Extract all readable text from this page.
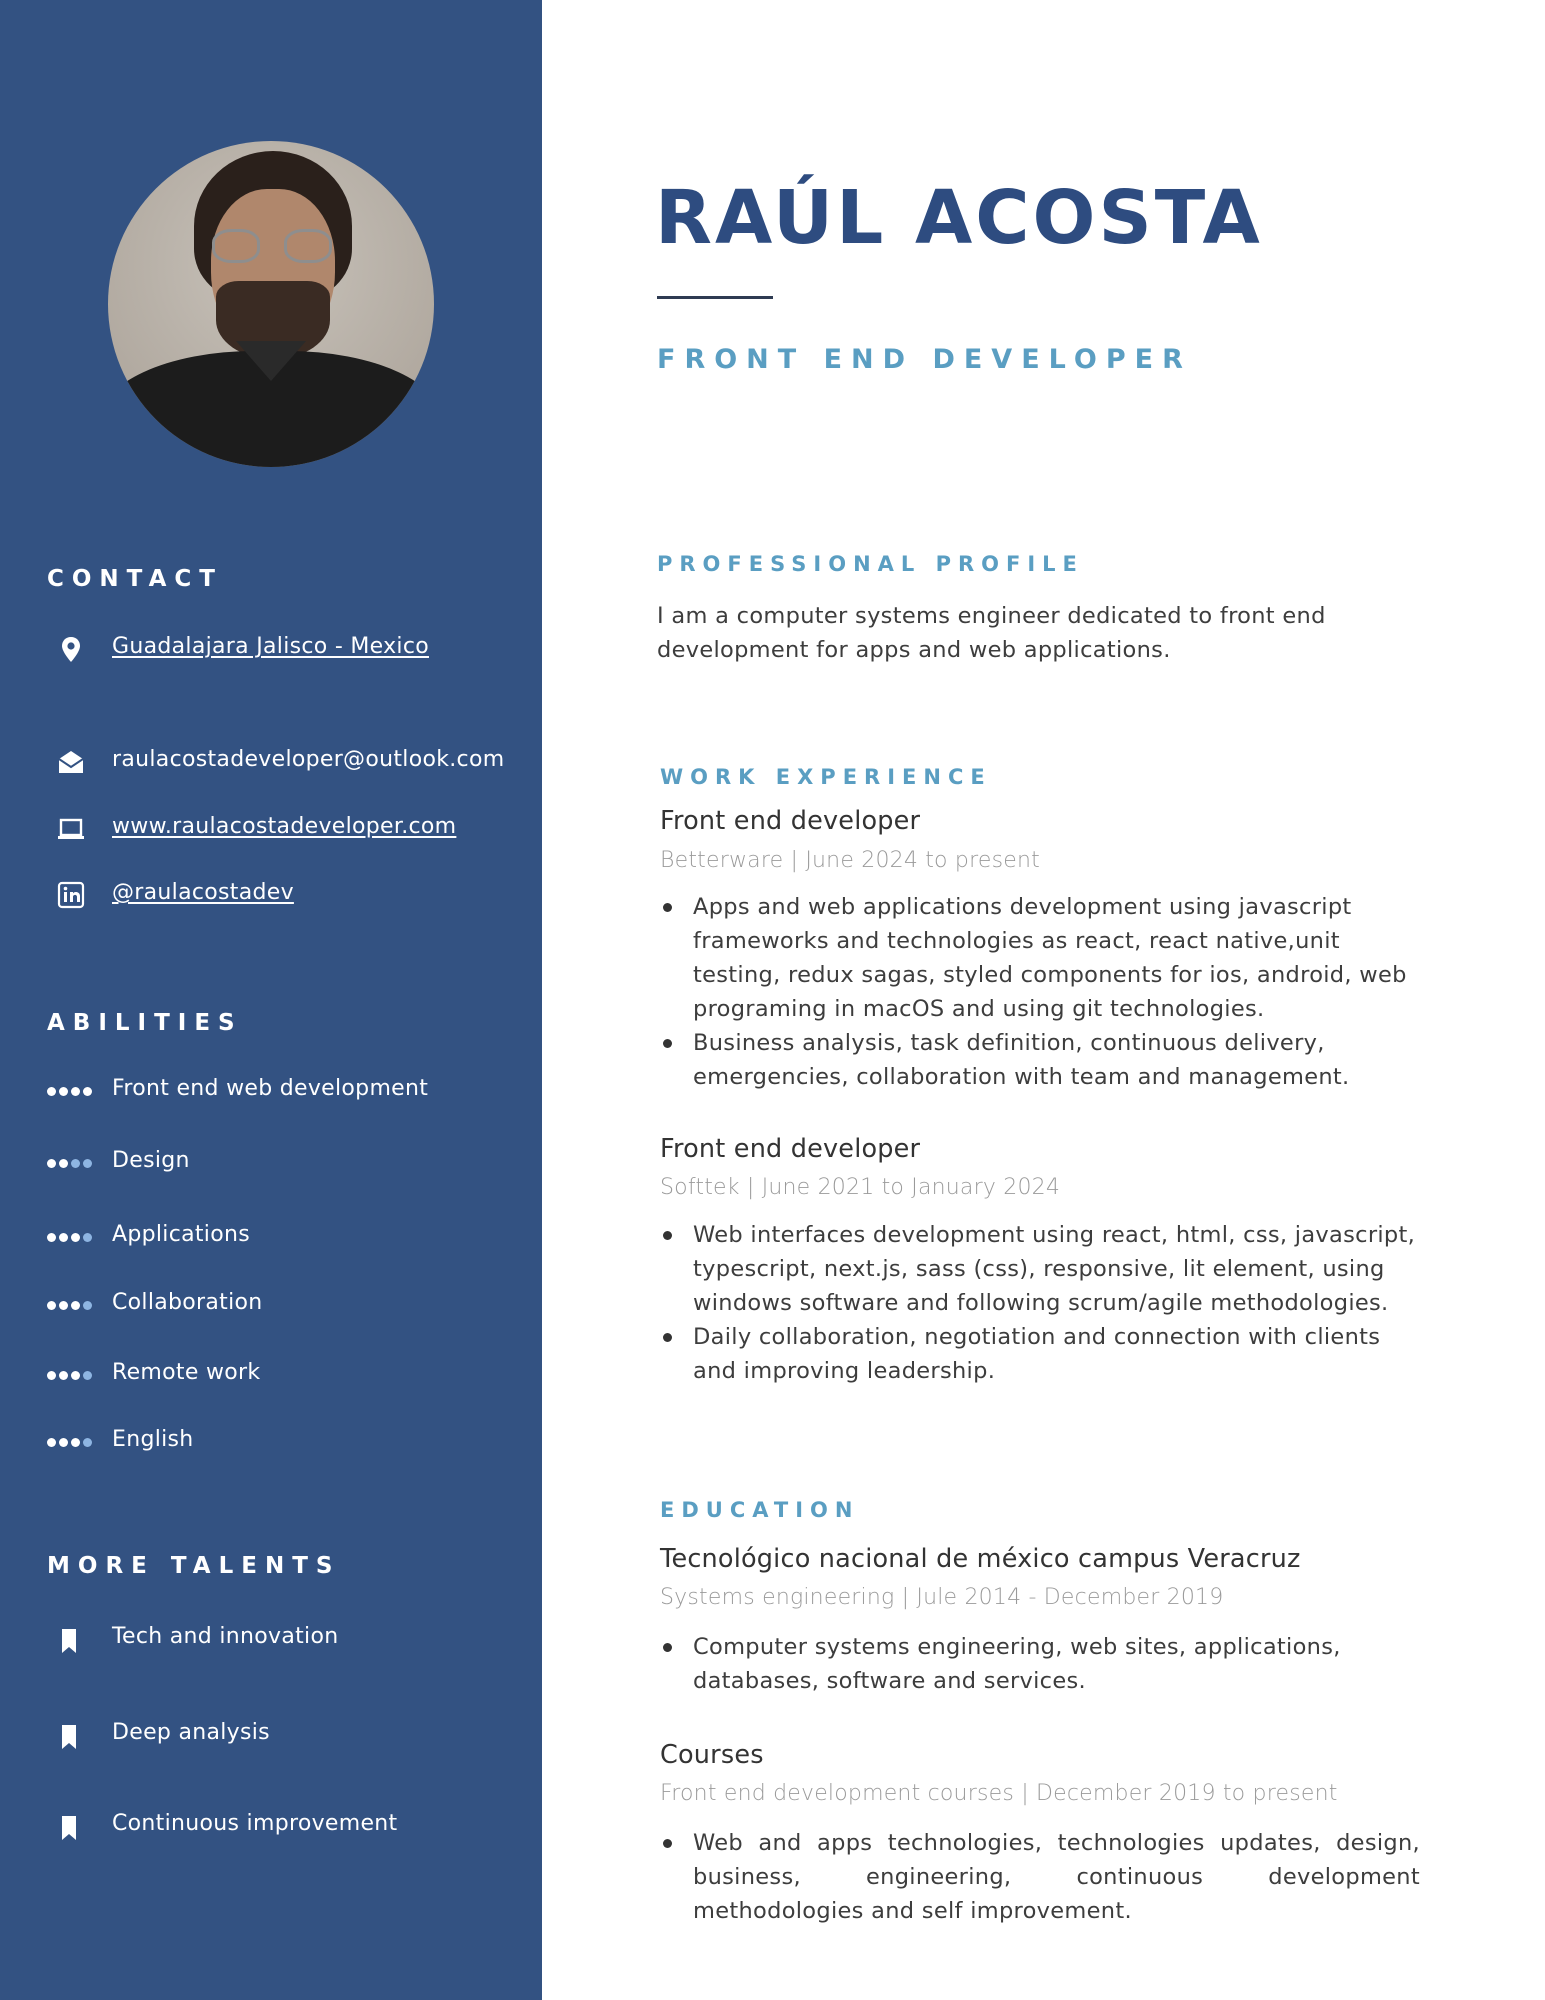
CONTACT
Guadalajara Jalisco - Mexico
raulacostadeveloper@outlook.com
www.raulacostadeveloper.com
@raulacostadev
ABILITIES
Front end web development
Design
Applications
Collaboration
Remote work
English
MORE TALENTS
Tech and innovation
Deep analysis
Continuous improvement
RAÚL ACOSTA
FRONT END DEVELOPER
PROFESSIONAL PROFILE
I am a computer systems engineer dedicated to front end development for apps and web applications.
WORK EXPERIENCE
Front end developer
Betterware | June 2024 to present
Apps and web applications development using javascript frameworks and technologies as react, react native,unit testing, redux sagas, styled components for ios, android, web programing in macOS and using git technologies.
Business analysis, task definition, continuous delivery, emergencies, collaboration with team and management.
Front end developer
Softtek | June 2021 to January 2024
Web interfaces development using react, html, css, javascript, typescript, next.js, sass (css), responsive, lit element, using windows software and following scrum/agile methodologies.
Daily collaboration, negotiation and connection with clients and improving leadership.
EDUCATION
Tecnológico nacional de méxico campus Veracruz
Systems engineering | Jule 2014 - December 2019
Computer systems engineering, web sites, applications, databases, software and services.
Courses
Front end development courses | December 2019 to present
Web and apps technologies, technologies updates, design, business, engineering, continuous development methodologies and self improvement.
